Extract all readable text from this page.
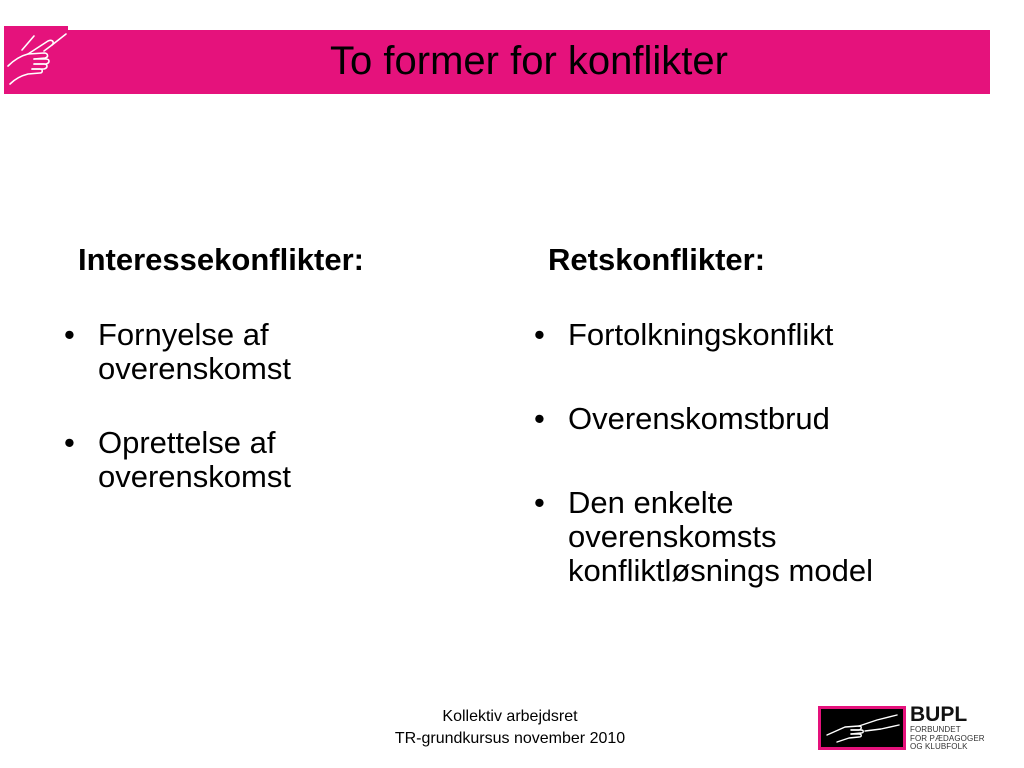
To former for konflikter
Interessekonflikter:
• Fornyelse af
overenskomst
• Oprettelse af
overenskomst
Retskonflikter:
• Fortolkningskonflikt
• Overenskomstbrud
• Den enkelte
overenskomsts
konfliktløsnings model
Kollektiv arbejdsret
TR-grundkursus november 2010
BUPL
FORBUNDET
FOR PÆDAGOGER
OG KLUBFOLK
